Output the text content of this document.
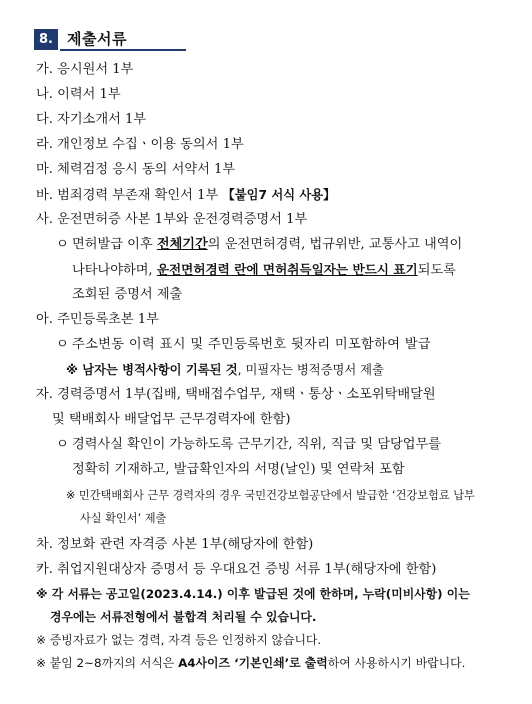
8. 제출서류
가. 응시원서 1부
나. 이력서 1부
다. 자기소개서 1부
라. 개인정보 수집ㆍ이용 동의서 1부
마. 체력검정 응시 동의 서약서 1부
바. 범죄경력 부존재 확인서 1부 【붙임7 서식 사용】
사. 운전면허증 사본 1부와 운전경력증명서 1부
ㅇ 면허발급 이후 전체기간의 운전면허경력, 법규위반, 교통사고 내역이
나타나야하며, 운전면허경력 란에 면허취득일자는 반드시 표기되도록
조회된 증명서 제출
아. 주민등록초본 1부
ㅇ 주소변동 이력 표시 및 주민등록번호 뒷자리 미포함하여 발급
※ 남자는 병적사항이 기록된 것, 미필자는 병적증명서 제출
자. 경력증명서 1부(집배, 택배접수업무, 재택ㆍ통상ㆍ소포위탁배달원
및 택배회사 배달업무 근무경력자에 한함)
ㅇ 경력사실 확인이 가능하도록 근무기간, 직위, 직급 및 담당업무를
정확히 기재하고, 발급확인자의 서명(날인) 및 연락처 포함
※ 민간택배회사 근무 경력자의 경우 국민건강보험공단에서 발급한 ‘건강보험료 납부
사실 확인서’ 제출
차. 정보화 관련 자격증 사본 1부(해당자에 한함)
카. 취업지원대상자 증명서 등 우대요건 증빙 서류 1부(해당자에 한함)
※ 각 서류는 공고일(2023.4.14.) 이후 발급된 것에 한하며, 누락(미비사항) 이는
경우에는 서류전형에서 불합격 처리될 수 있습니다.
※ 증빙자료가 없는 경력, 자격 등은 인정하지 않습니다.
※ 붙임 2~8까지의 서식은 A4사이즈 ‘기본인쇄’로 출력하여 사용하시기 바랍니다.
